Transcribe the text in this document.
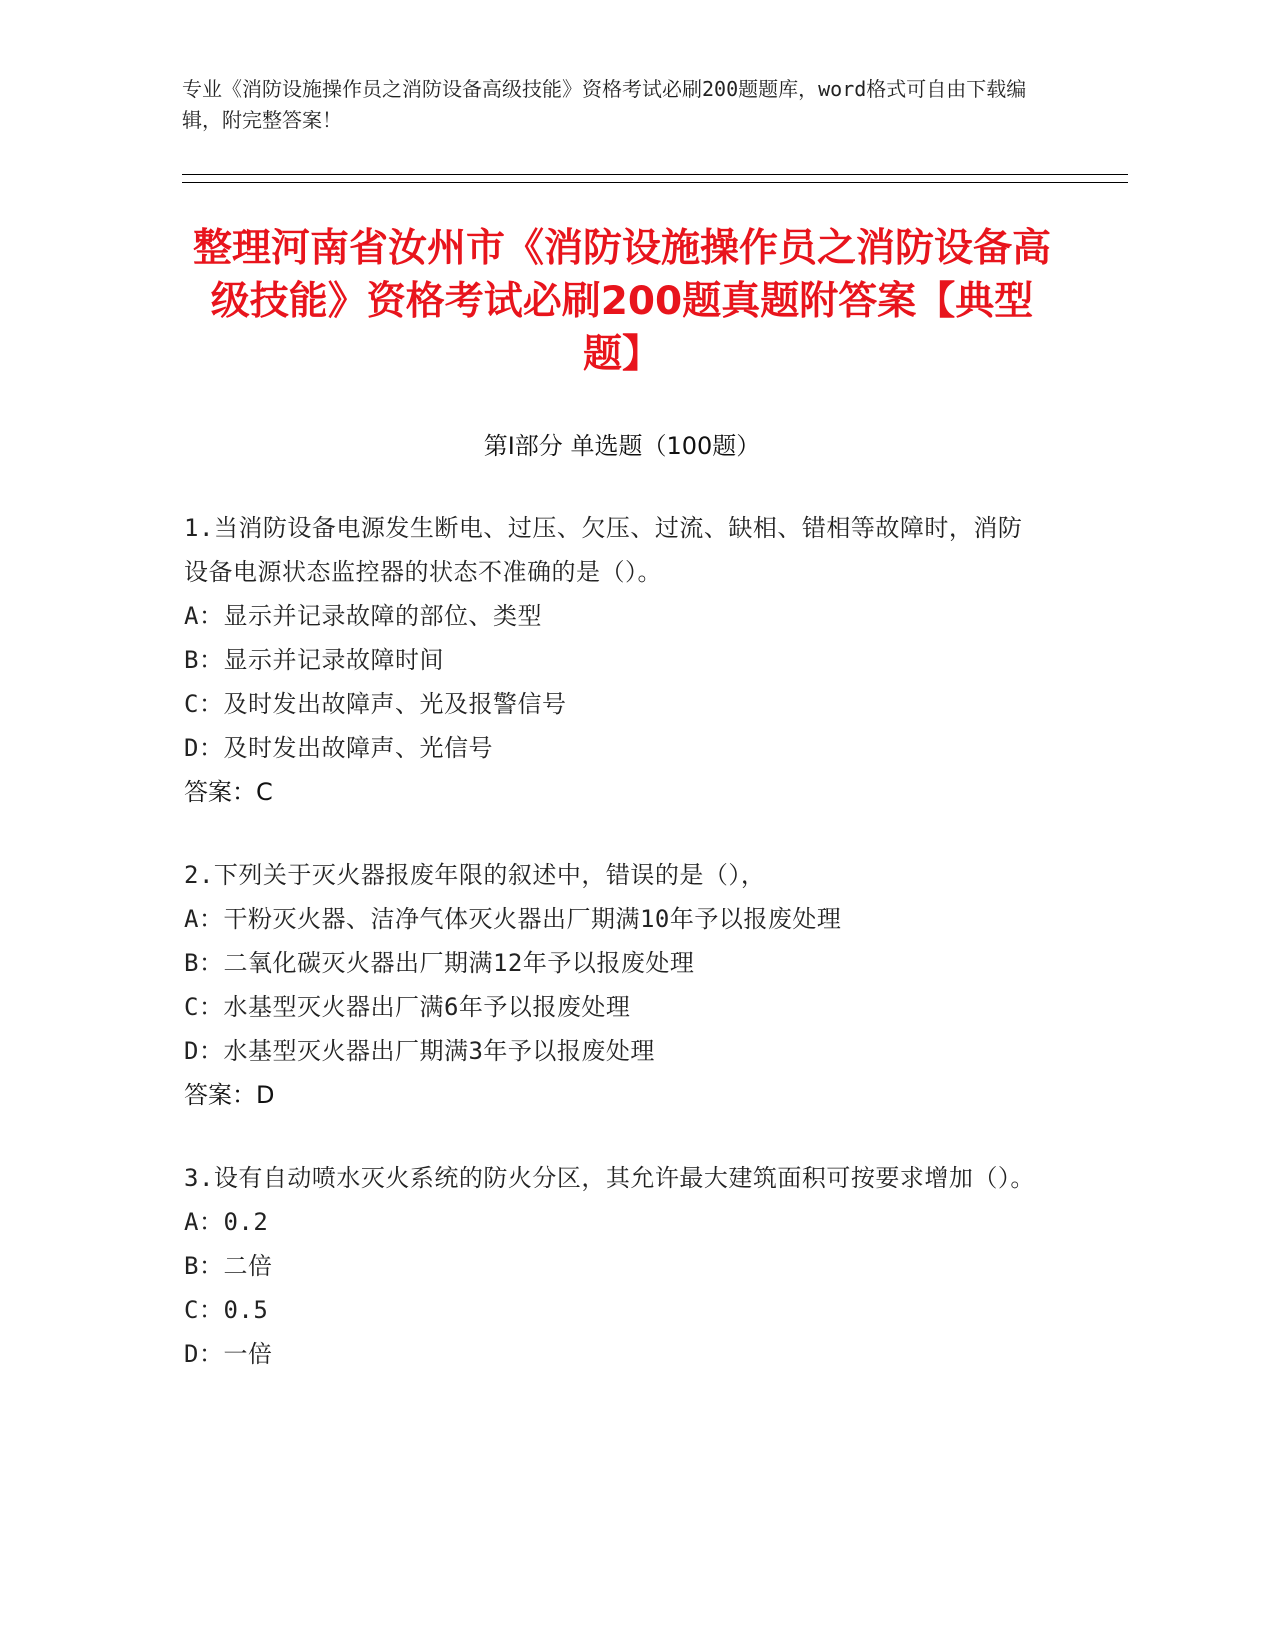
专业《消防设施操作员之消防设备高级技能》资格考试必刷200题题库，word格式可自由下载编辑，附完整答案！
整理河南省汝州市《消防设施操作员之消防设备高级技能》资格考试必刷200题真题附答案【典型题】
第I部分 单选题（100题）
1.当消防设备电源发生断电、过压、欠压、过流、缺相、错相等故障时，消防设备电源状态监控器的状态不准确的是（）。
A：显示并记录故障的部位、类型
B：显示并记录故障时间
C：及时发出故障声、光及报警信号
D：及时发出故障声、光信号
答案：C
2.下列关于灭火器报废年限的叙述中，错误的是（），
A：干粉灭火器、洁净气体灭火器出厂期满10年予以报废处理
B：二氧化碳灭火器出厂期满12年予以报废处理
C：水基型灭火器出厂满6年予以报废处理
D：水基型灭火器出厂期满3年予以报废处理
答案：D
3.设有自动喷水灭火系统的防火分区，其允许最大建筑面积可按要求增加（）。
A：0.2
B：二倍
C：0.5
D：一倍
